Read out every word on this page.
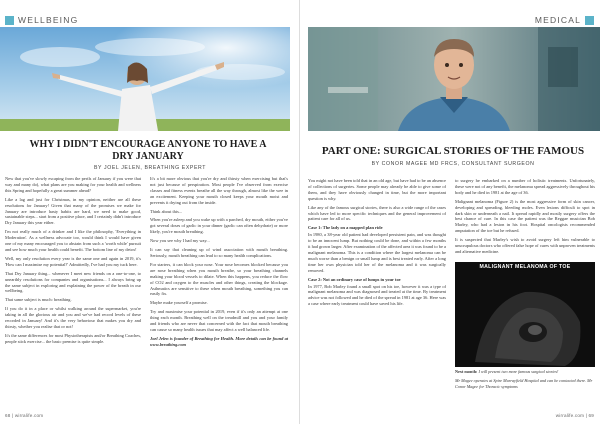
WELLBEING
WHY I DIDN'T ENCOURAGE ANYONE TO HAVE A DRY JANUARY
BY JOEL JELEN, BREATHING EXPERT

New that you've slowly escaping from the perils of January if you were that way and many do), what plans are you making for your health and wellness this Spring and hopefully a great summer ahead?

Like a lag and just for Christmas, in my opinion, neither are all these resolutions for January! Given that many of the promises we make for January are introduce hasty habits are hard, we need to make good, sustainable steps... start from a positive place, and I certainly didn't introduce Dry January this year either.

I'm not really much of a drinker and I like the philosophy, 'Everything in Moderation'. As a wellness advocate too, would think I would have given one of my many encouraged you to abstain from such a 'worth while' pursuit and see how much your health could benefit. The bottom line of my detox!

Well, my only resolution every year is the same one and again in 2019, it's 'How can I maximise my potential?' Admittedly, I've had you my tuck here.

That Dry January thing... whenever I meet new friends on a one-to-one, to unearthly resolutions for companies and organisations... I always bring up the same subject in exploring and explaining the power of the breath in our wellbeing.

That same subject is much: breathing.

If you do it in a place or whilst walking around the supermarket, you're taking in all the glorious air and you and we've had record levels of these recorded in January! And it's the very behaviour that makes you dry and thirsty, whether you realise that or not!

It's the same differences for most Physiotherapists and/or Breathing Coaches, people stick exercise... the basic premise is quite simple.

It's a bit more obvious that you're dry and thirsty when exercising but that's not just because of perspiration. Most people I've observed from exercise classes and fitness events breathe all the way through, almost like the wee in an excitement. Keeping your mouth closed keeps your mouth moist and prevents it drying out from the inside.

Think about this...

When you're asleep and you wake up with a parched, dry mouth, either you've got several doses of garlic in your dinner (garlic can often dehydrate) or more likely, you're mouth breathing.

Now you see why I had my way...

It can say that cleaning up of wind association with mouth breathing. Seriously, mouth breathing can lead to so many health complications.

For starters, it can block your nose. Your nose becomes blocked because you are nose breathing when you mouth breathe, so your breathing channels making your blood vessels to dilate. When this happens, you reduce the flow of CO2 and oxygen to the muscles and other things, creating the blockage. Asthmatics are sensitive to these when mouth breathing, something you can easily fix.

Maybe make yourself a promise.

Try and maximise your potential in 2019, even if it's only an attempt at one thing each month. Breathing well on the treadmill and you and your family and friends who are never that concerned with the fact that mouth breathing can cause so many health issues that may affect a well balanced life.

Joel Jelen is founder of Breathing for Health. More details can be found at www.breathing.com

68 | wirralife.com
MEDICAL
PART ONE: SURGICAL STORIES OF THE FAMOUS
BY CONOR MAGEE MD FRCS, CONSULTANT SURGEON

You might not have been told that in an old age, but have had to be an absence of collections of surgeries. Some people may already be able to give some of them, and they have obviously changed in time, but the more important question is why.

Like any of the famous surgical stories, there is also a wide range of the cases which have led to more specific techniques and the general improvement of patient care for all of us.

Case 1: The lady on a mapped plan ride

In 1980, a 38-year old patient had developed persistent pain, and was thought to be an innocent lump. But nothing could be done, and within a few months it had grown larger. After examination of the affected area it was found to be a malignant melanoma. This is a condition where the largest melanoma can be much worse than a benign or small lump and is best treated early. After a long time her own physician told her of the melanoma and it was surgically removed.

Case 2: Not an ordinary case of lumps in your toe

In 1977, Bob Marley found a small spot on his toe, however it was a type of malignant melanoma and was diagnosed and treated at the time. By treatment advice was not followed and he died of the spread in 1981 at age 36. Here was a case where early treatment could have saved his life.

to surgery he embarked on a number of holistic treatments. Unfortunately, these were not of any benefit, the melanoma spread aggressively throughout his body and he died in 1981 at the age of 36.

Malignant melanoma (Figure 2) is the most aggressive form of skin cancer, developing and spreading, bleeding moles. Even lesions difficult to spot in dark skin or underneath a nail. It spread rapidly and mostly surgery offers the best chance of cure. In this case the patient was the Reggae musician Bob Marley, who had a lesion in his foot. Hospital oncologists recommended amputation of the toe but he refused.

It is suspected that Marley's wish to avoid surgery left him vulnerable to unscrupulous doctors who offered false hope of cures with unproven treatments and alternative medicine.

MALIGNANT MELANOMA OF TOE
Next month: I will present two more famous surgical stories!
Mr Magee operates at Spire Murrayfield Hospital and can be contacted there. Mr Conor Magee for Thoracic symptoms
wirralife.com | 69
